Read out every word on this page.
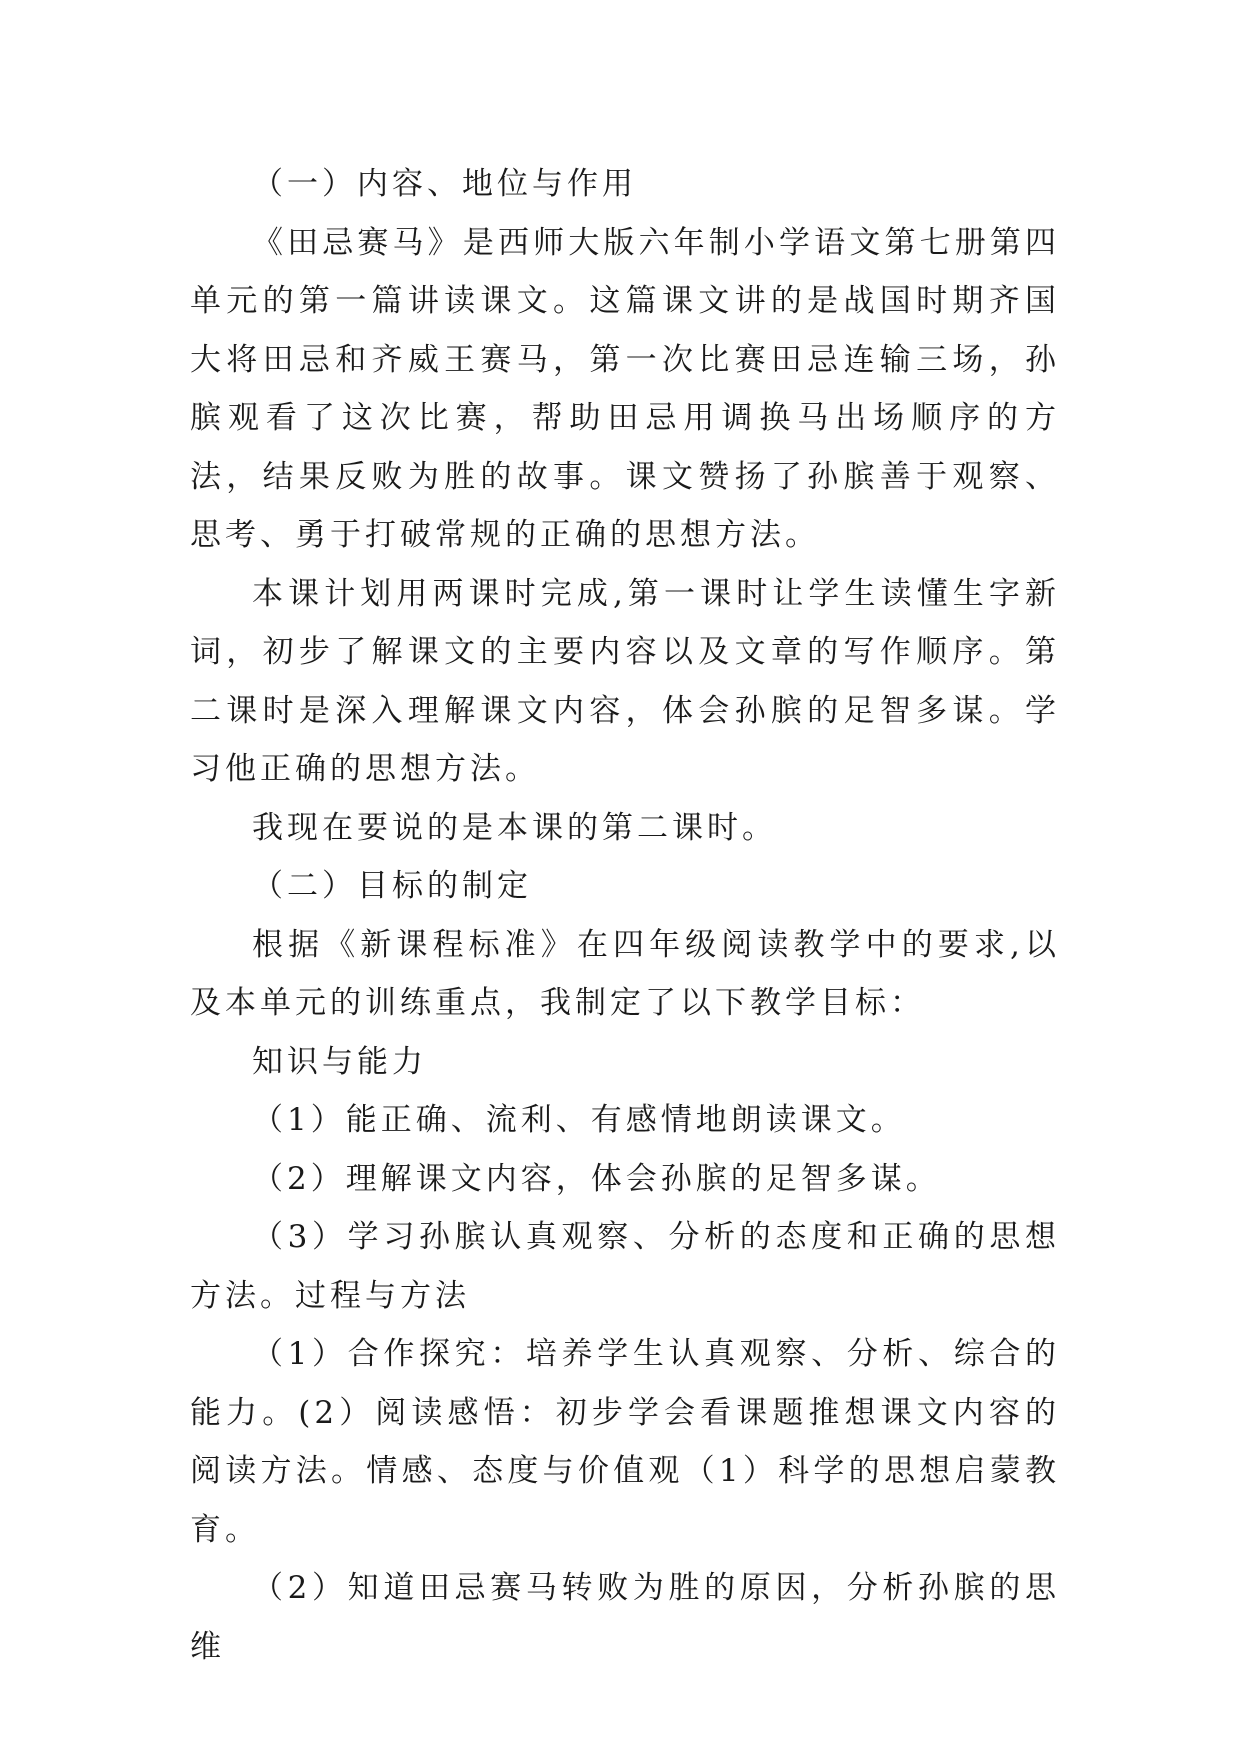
（一）内容、地位与作用

《田忌赛马》是西师大版六年制小学语文第七册第四单元的第一篇讲读课文。这篇课文讲的是战国时期齐国大将田忌和齐威王赛马，第一次比赛田忌连输三场，孙膑观看了这次比赛，帮助田忌用调换马出场顺序的方法，结果反败为胜的故事。课文赞扬了孙膑善于观察、思考、勇于打破常规的正确的思想方法。

本课计划用两课时完成,第一课时让学生读懂生字新词，初步了解课文的主要内容以及文章的写作顺序。第二课时是深入理解课文内容，体会孙膑的足智多谋。学习他正确的思想方法。

我现在要说的是本课的第二课时。

（二）目标的制定

根据《新课程标准》在四年级阅读教学中的要求,以及本单元的训练重点，我制定了以下教学目标：

知识与能力

（1）能正确、流利、有感情地朗读课文。

（2）理解课文内容，体会孙膑的足智多谋。

（3）学习孙膑认真观察、分析的态度和正确的思想方法。过程与方法

（1）合作探究：培养学生认真观察、分析、综合的能力。(2）阅读感悟：初步学会看课题推想课文内容的阅读方法。情感、态度与价值观（1）科学的思想启蒙教育。

（2）知道田忌赛马转败为胜的原因，分析孙膑的思维
